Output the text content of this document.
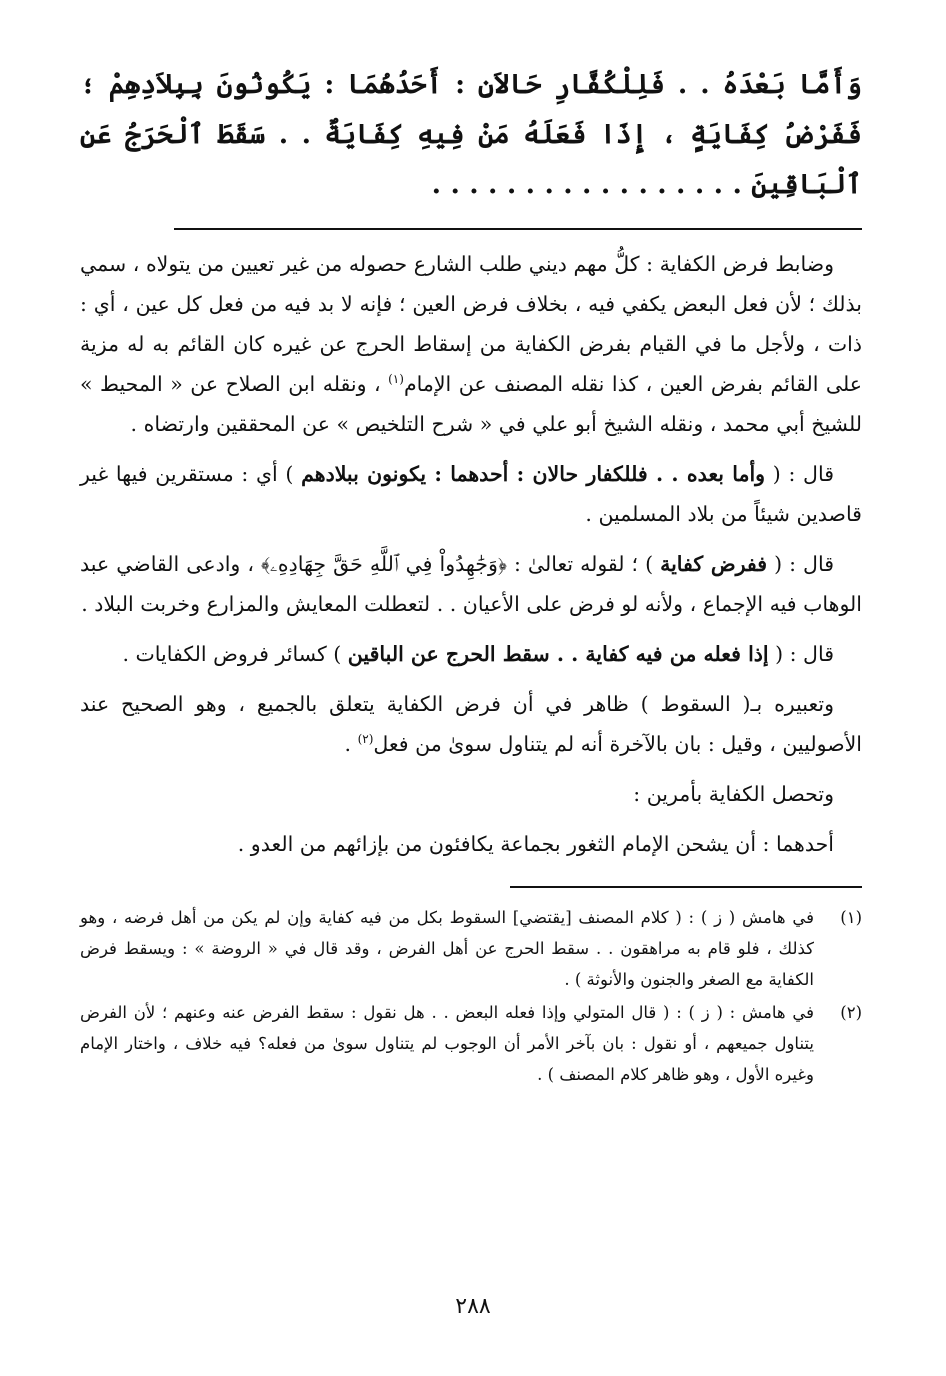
وَأَمَّا بَعْدَهُ . . فَلِلْكُفَّارِ حَالاَنِ : أَحَدُهُمَا : يَكُونُونَ بِبِلاَدِهِمْ ؛ فَفَرْضُ كِفَايَةٍ ، إِذَا فَعَلَهُ مَنْ فِيهِ كِفَايَةٌ . . سَقَطَ ٱلْحَرَجُ عَنِ ٱلْبَاقِينَ . . . . . . . . . . . . . . . . .

وضابط فرض الكفاية : كلُّ مهم ديني طلب الشارع حصوله من غير تعيين من يتولاه ، سمي بذلك ؛ لأن فعل البعض يكفي فيه ، بخلاف فرض العين ؛ فإنه لا بد فيه من فعل كل عين ، أي : ذات ، ولأجل ما في القيام بفرض الكفاية من إسقاط الحرج عن غيره كان القائم به له مزية على القائم بفرض العين ، كذا نقله المصنف عن الإمام$^{(١)}$ ، ونقله ابن الصلاح عن « المحيط » للشيخ أبي محمد ، ونقله الشيخ أبو علي في « شرح التلخيص » عن المحققين وارتضاه .

قال : ( وأما بعده . . فللكفار حالان : أحدهما : يكونون ببلادهم ) أي : مستقرين فيها غير قاصدين شيئاً من بلاد المسلمين .

قال : ( ففرض كفاية ) ؛ لقوله تعالىٰ : ﴿وَجَٰهِدُواْ فِي ٱللَّهِ حَقَّ جِهَادِهِۦ﴾ ، وادعى القاضي عبد الوهاب فيه الإجماع ، ولأنه لو فرض على الأعيان . . لتعطلت المعايش والمزارع وخربت البلاد .

قال : ( إذا فعله من فيه كفاية . . سقط الحرج عن الباقين ) كسائر فروض الكفايات .

وتعبيره بـ( السقوط ) ظاهر في أن فرض الكفاية يتعلق بالجميع ، وهو الصحيح عند الأصوليين ، وقيل : بان بالآخرة أنه لم يتناول سوىٰ من فعل$^{(٢)}$ .

وتحصل الكفاية بأمرين :

أحدهما : أن يشحن الإمام الثغور بجماعة يكافئون من بإزائهم من العدو .

(١)
في هامش ( ز ) : ( كلام المصنف [يقتضي] السقوط بكل من فيه كفاية وإن لم يكن من أهل فرضه ، وهو كذلك ، فلو قام به مراهقون . . سقط الحرج عن أهل الفرض ، وقد قال في « الروضة » : ويسقط فرض الكفاية مع الصغر والجنون والأنوثة ) .
(٢)
في هامش : ( ز ) : ( قال المتولي وإذا فعله البعض . . هل نقول : سقط الفرض عنه وعنهم ؛ لأن الفرض يتناول جميعهم ، أو نقول : بان بآخر الأمر أن الوجوب لم يتناول سوىٰ من فعله؟ فيه خلاف ، واختار الإمام وغيره الأول ، وهو ظاهر كلام المصنف ) .
٢٨٨
